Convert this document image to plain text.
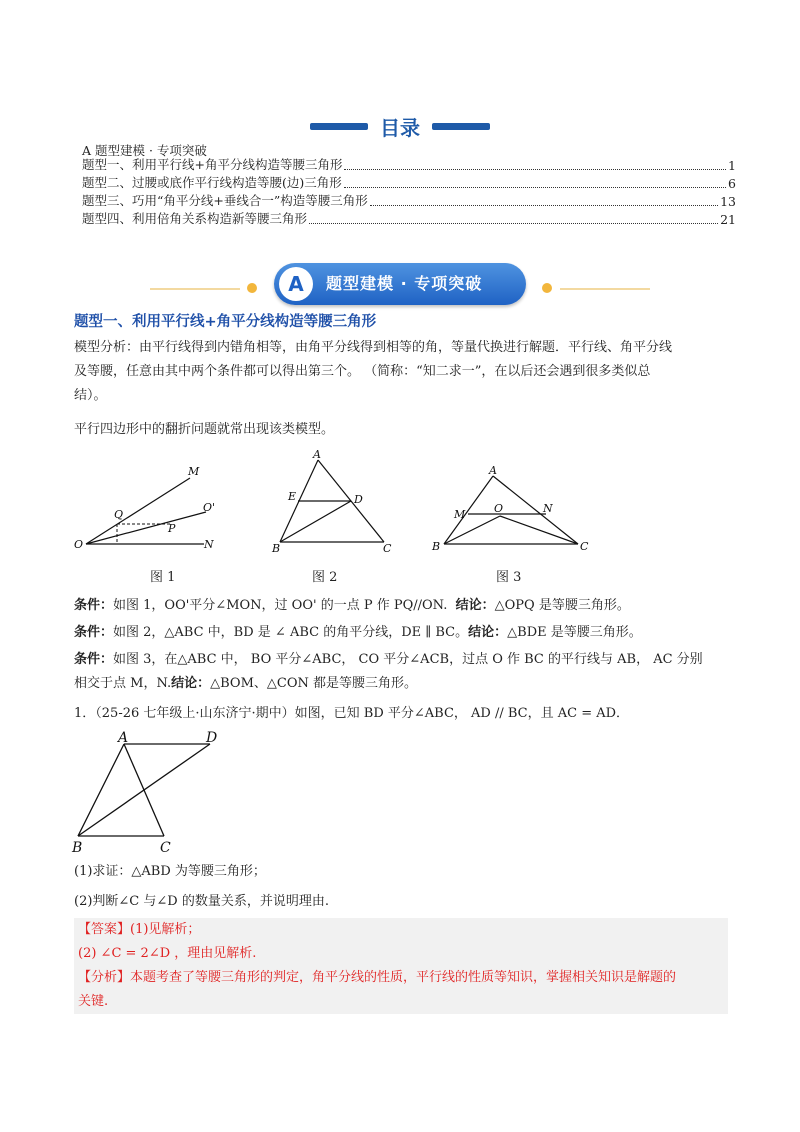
目录
A 题型建模 · 专项突破
题型一、利用平行线+角平分线构造等腰三角形	1
题型二、过腰或底作平行线构造等腰(边)三角形	6
题型三、巧用“角平分线+垂线合一”构造等腰三角形	13
题型四、利用倍角关系构造新等腰三角形	21
A	题型建模 · 专项突破
题型一、利用平行线+角平分线构造等腰三角形
模型分析：由平行线得到内错角相等，由角平分线得到相等的角，等量代换进行解题．平行线、角平分线
及等腰，任意由其中两个条件都可以得出第三个。 （简称：“知二求一”，在以后还会遇到很多类似总
结）。
平行四边形中的翻折问题就常出现该类模型。
M
O'
Q
P
O	N
图 1
A
E	D
B	C
图 2
A
M	O	N
B	C
图 3
条件：如图 1，OO'平分∠MON，过 OO' 的一点 P 作 PQ//ON. 结论：△OPQ 是等腰三角形。
条件：如图 2，△ABC 中，BD 是 ∠ ABC 的角平分线，DE ∥ BC。结论：△BDE 是等腰三角形。
条件：如图 3，在△ABC 中， BO 平分∠ABC， CO 平分∠ACB，过点 O 作 BC 的平行线与 AB， AC 分别
相交于点 M，N.结论：△BOM、△CON 都是等腰三角形。
1．（25-26 七年级上·山东济宁·期中）如图，已知 BD 平分∠ABC， AD // BC，且 AC = AD．
A	D
B	C
(1)求证：△ABD 为等腰三角形；
(2)判断∠C 与∠D 的数量关系，并说明理由.
【答案】(1)见解析；
(2) ∠C = 2∠D ，理由见解析.
【分析】本题考查了等腰三角形的判定，角平分线的性质，平行线的性质等知识，掌握相关知识是解题的
关键.
